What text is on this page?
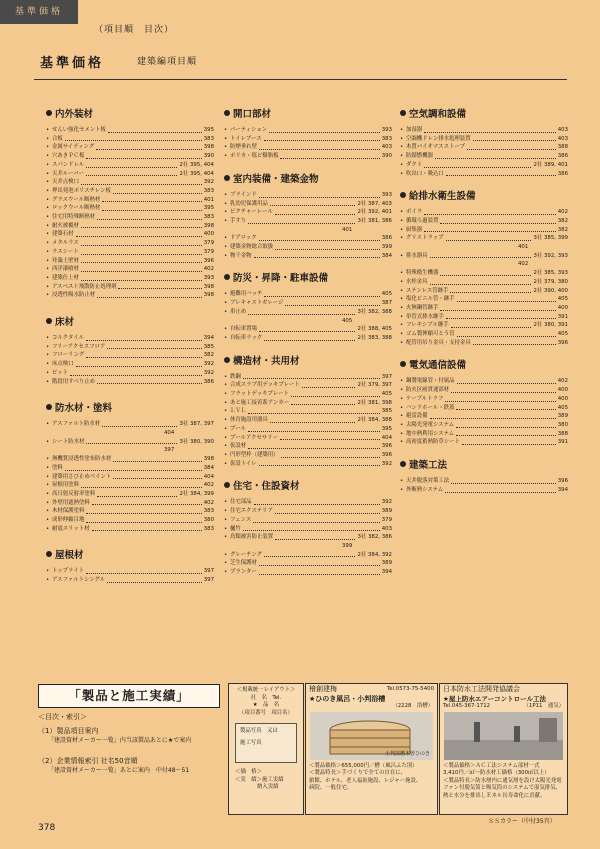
基準価格
（項目順　目次）
基準価格	建築編項目順
内外装材
• せんい強化セメント板	395
• 合板	383
• 金属サイディング	398
• 穴あきＰＣ板	390
• スパンドレル	2社 395, 404
• 天井ルーバー	2社 395, 404
• 天井点検口	392
• 押出発泡ポリスチレン板	383
• グラスウール断熱材	401
• ロックウール断熱材	395
• 住宅用特殊断熱材	383
• 耐火被覆材	398
• 建築石材	400
• メタルラス	379
• ラスシート	379
• 珪藻土壁材	396
• 西洋漆喰材	402
• 建築仕上材	393
• アスベスト飛散防止処理剤	398
• 浸透性吸水防止材	398
床材
• コルクタイル	394
• フリーアクセスフロア	385
• フローリング	382
• 床点検口	392
• ピット	392
• 階段用すべり止め	386
防水材・塗料
• アスファルト防水材	3社 387, 397
404
• シート防水材	3社 380, 390
397
• 無機質浸透性塗布防水材	398
• 塗料	384
• 建築用さび止めペイント	404
• 屋根用塗料	402
• 高日射反射率塗料	2社 384, 399
• 外壁用遮熱塗料	402
• 木材保護塗料	383
• 成形伸縮目地	380
• 耐震スリット材	383
屋根材
• トップライト	397
• アスファルトシングル	397
開口部材
• パーティション	393
• トイレブース	383
• 防煙垂れ壁	403
• ポリカ・塩ビ樹脂板	390
室内装備・建築金物
• ブラインド	393
• 乳幼児保護用品	2社 387, 403
• ピクチャーレール	2社 392, 401
• 手すり	3社 381, 386
401
• ドアロック	386
• 建築金物総合取扱	399
• 物干金物	384
防災・昇降・駐車設備
• 避難用ハッチ	405
• ブレキャストガレージ	387
• 車止め	3社 382, 388
405
• 自転車置場	2社 388, 405
• 自転車ラック	2社 383, 388
構造材・共用材
• 鉄鋼	397
• 合成スラブ用デッキプレート	2社 379, 397
• フラットデッキプレート	405
• あと施工接着系アンカー	2社 381, 398
• ＬＶＬ	385
• 体育施設用器具	2社 384, 388
• プール	395
• プールアクセサリー	404
• 仮設材	396
• 円形型枠（建築用）	396
• 仮設トイレ	392
住宅・住設資材
• 住宅部品	392
• 住宅エクステリア	389
• フェンス	379
• 樋竹	403
• 鳥類被害防止装置	3社 382, 386
399
• グレーチング	2社 384, 392
• 芝生保護材	389
• プランター	394
空気調和設備
• 加湿器	403
• 空調機ドレン排水処理装置	403
• 木質バイオマスストーブ	388
• 防錆燃機器	386
• ダクト	2社 389, 401
• 吹出口・吸込口	386
給排水衛生設備
• ボイラ	402
• 循環ろ過装置	382
• 厨集器	382
• グリストラップ	3社 385, 399
401
• 排水器具	3社 392, 393
402
• 特殊衛生機器	2社 385, 393
• 水栓金具	2社 379, 380
• ステンレス管継手	2社 390, 400
• 塩化ビニル管・継手	405
• 火無鋼管継手	400
• 単管式排水継手	391
• フレキシブル継手	2社 380, 391
• ゴム製伸縮可とう管	405
• 配管用吊り金具・支持金具	396
電気通信設備
• 鋼製電線管・付属品	402
• 防火区画貫通部材	400
• ケーブルトラフ	400
• ハンドホール・鉄蓋	405
• 避雷設備	389
• 太陽光発電システム	380
• 地中熱利用システム	388
• 高密度蓄熱防草シート	391
建築工法
• 天井脱落対策工法	396
• 外断熱システム	394
「製品と施工実績」
＜目次・索引＞
（1）製品項目案内
「建設資材メーカー一覧」内当該製品あとに★で案内
（2）企業情報索引 社名50音順
「建設資材メーカー一覧」あとに案内　中付48～51
＜掲載統一レイアウト＞
社　名　Tel.
★　品　名
（項目番号　項目名）
製品写真　又は
施工写真
＜価　格＞
＜実　績＞施工実績
納入実績
檜創建梅	Tel.0573-75-5400
★ひのき風呂・小判浴槽
（2228　浴槽）
小判浴槽木曽ひのき
＜製品価格＞655,000円／槽（風呂ふた別）
＜製品特長＞手づくりで全ての自在に、
旅館、ホテル、老人福祉施設、レジャー施設、
病院、一般住宅。
日本防水工法開発協議会
★屋上防水エアーコントロール工法
Tel.045-367-1712	（1P11　通気）
＜製品価格＞ＡＣ工法システム部材一式
3,410円／㎡～防水材工価格（300㎡以上）
＜製品特長＞防水層内に通気層を設け太陽光発電
ファン付脱気筒と吸気筒のシステムで湿気排気、
熱と水分を排出しＥネル長寿命化に貢献。
378
ＳＳカラー（中付35頁）
